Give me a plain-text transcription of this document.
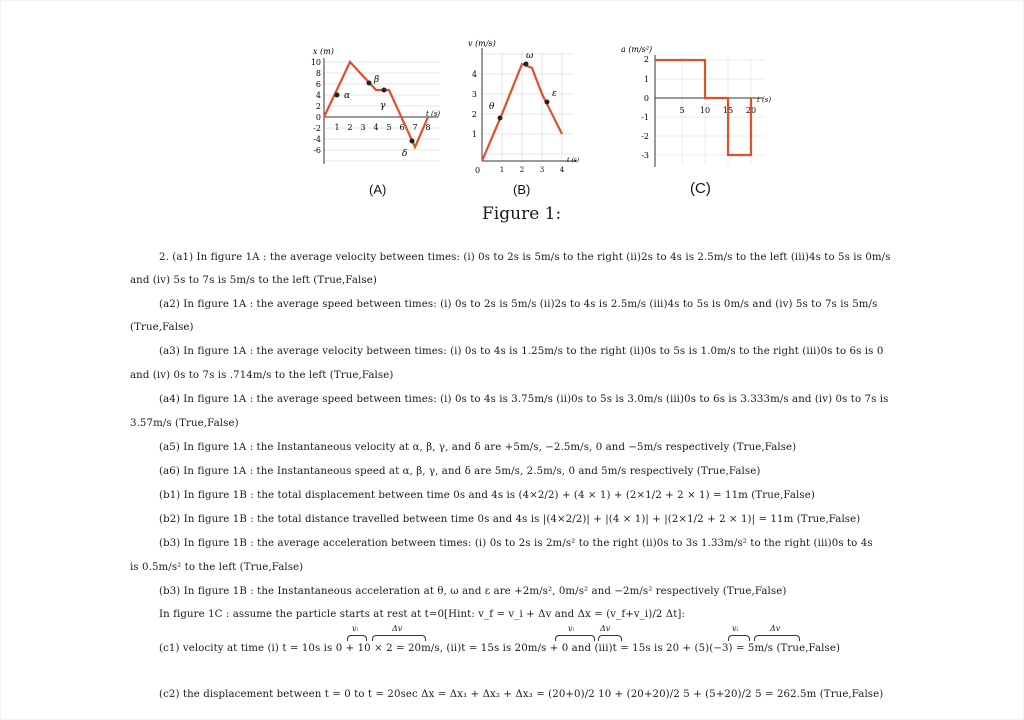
x (m)
10
8
6
4
2
0
-2
-4
-6
1 2 3 4 5 6 7 8
t (s)
α
β
γ
δ
(A)
v (m/s)
4
3
2
1
0	1 2 3 4
t (s)
θ
ω
ε
(B)
a (m/s²)
2
1
0
-1
-2
-3
5 10 15 20
t (s)
(C)
Figure 1:
2. (a1) In figure 1A : the average velocity between times: (i) 0s to 2s is 5m/s to the right (ii)2s to 4s is 2.5m/s to the left (iii)4s to 5s is 0m/s
and (iv) 5s to 7s is 5m/s to the left (True,False)
(a2) In figure 1A : the average speed between times: (i) 0s to 2s is 5m/s (ii)2s to 4s is 2.5m/s (iii)4s to 5s is 0m/s and (iv) 5s to 7s is 5m/s
(True,False)
(a3) In figure 1A : the average velocity between times: (i) 0s to 4s is 1.25m/s to the right (ii)0s to 5s is 1.0m/s to the right (iii)0s to 6s is 0
and (iv) 0s to 7s is .714m/s to the left (True,False)
(a4) In figure 1A : the average speed between times: (i) 0s to 4s is 3.75m/s (ii)0s to 5s is 3.0m/s (iii)0s to 6s is 3.333m/s and (iv) 0s to 7s is
3.57m/s (True,False)
(a5) In figure 1A : the Instantaneous velocity at α, β, γ, and δ are +5m/s, −2.5m/s, 0 and −5m/s respectively (True,False)
(a6) In figure 1A : the Instantaneous speed at α, β, γ, and δ are 5m/s, 2.5m/s, 0 and 5m/s respectively (True,False)
(b1) In figure 1B : the total displacement between time 0s and 4s is (4×2/2) + (4 × 1) + (2×1/2 + 2 × 1) = 11m (True,False)
(b2) In figure 1B : the total distance travelled between time 0s and 4s is |(4×2/2)| + |(4 × 1)| + |(2×1/2 + 2 × 1)| = 11m (True,False)
(b3) In figure 1B : the average acceleration between times: (i) 0s to 2s is 2m/s² to the right (ii)0s to 3s 1.33m/s² to the right (iii)0s to 4s
is 0.5m/s² to the left (True,False)
(b3) In figure 1B : the Instantaneous acceleration at θ, ω and ε are +2m/s², 0m/s² and −2m/s² respectively (True,False)
In figure 1C : assume the particle starts at rest at t=0[Hint: v_f = v_i + Δv and Δx = (v_f+v_i)/2 Δt]:
vᵢ	Δv	vᵢ	Δv	vᵢ	Δv
(c1) velocity at time (i) t = 10s is 0 + 10 × 2 = 20m/s, (ii)t = 15s is 20m/s + 0 and (iii)t = 15s is 20 + (5)(−3) = 5m/s (True,False)
(c2) the displacement between t = 0 to t = 20sec Δx = Δx₁ + Δx₂ + Δx₃ = (20+0)/2 10 + (20+20)/2 5 + (5+20)/2 5 = 262.5m (True,False)
